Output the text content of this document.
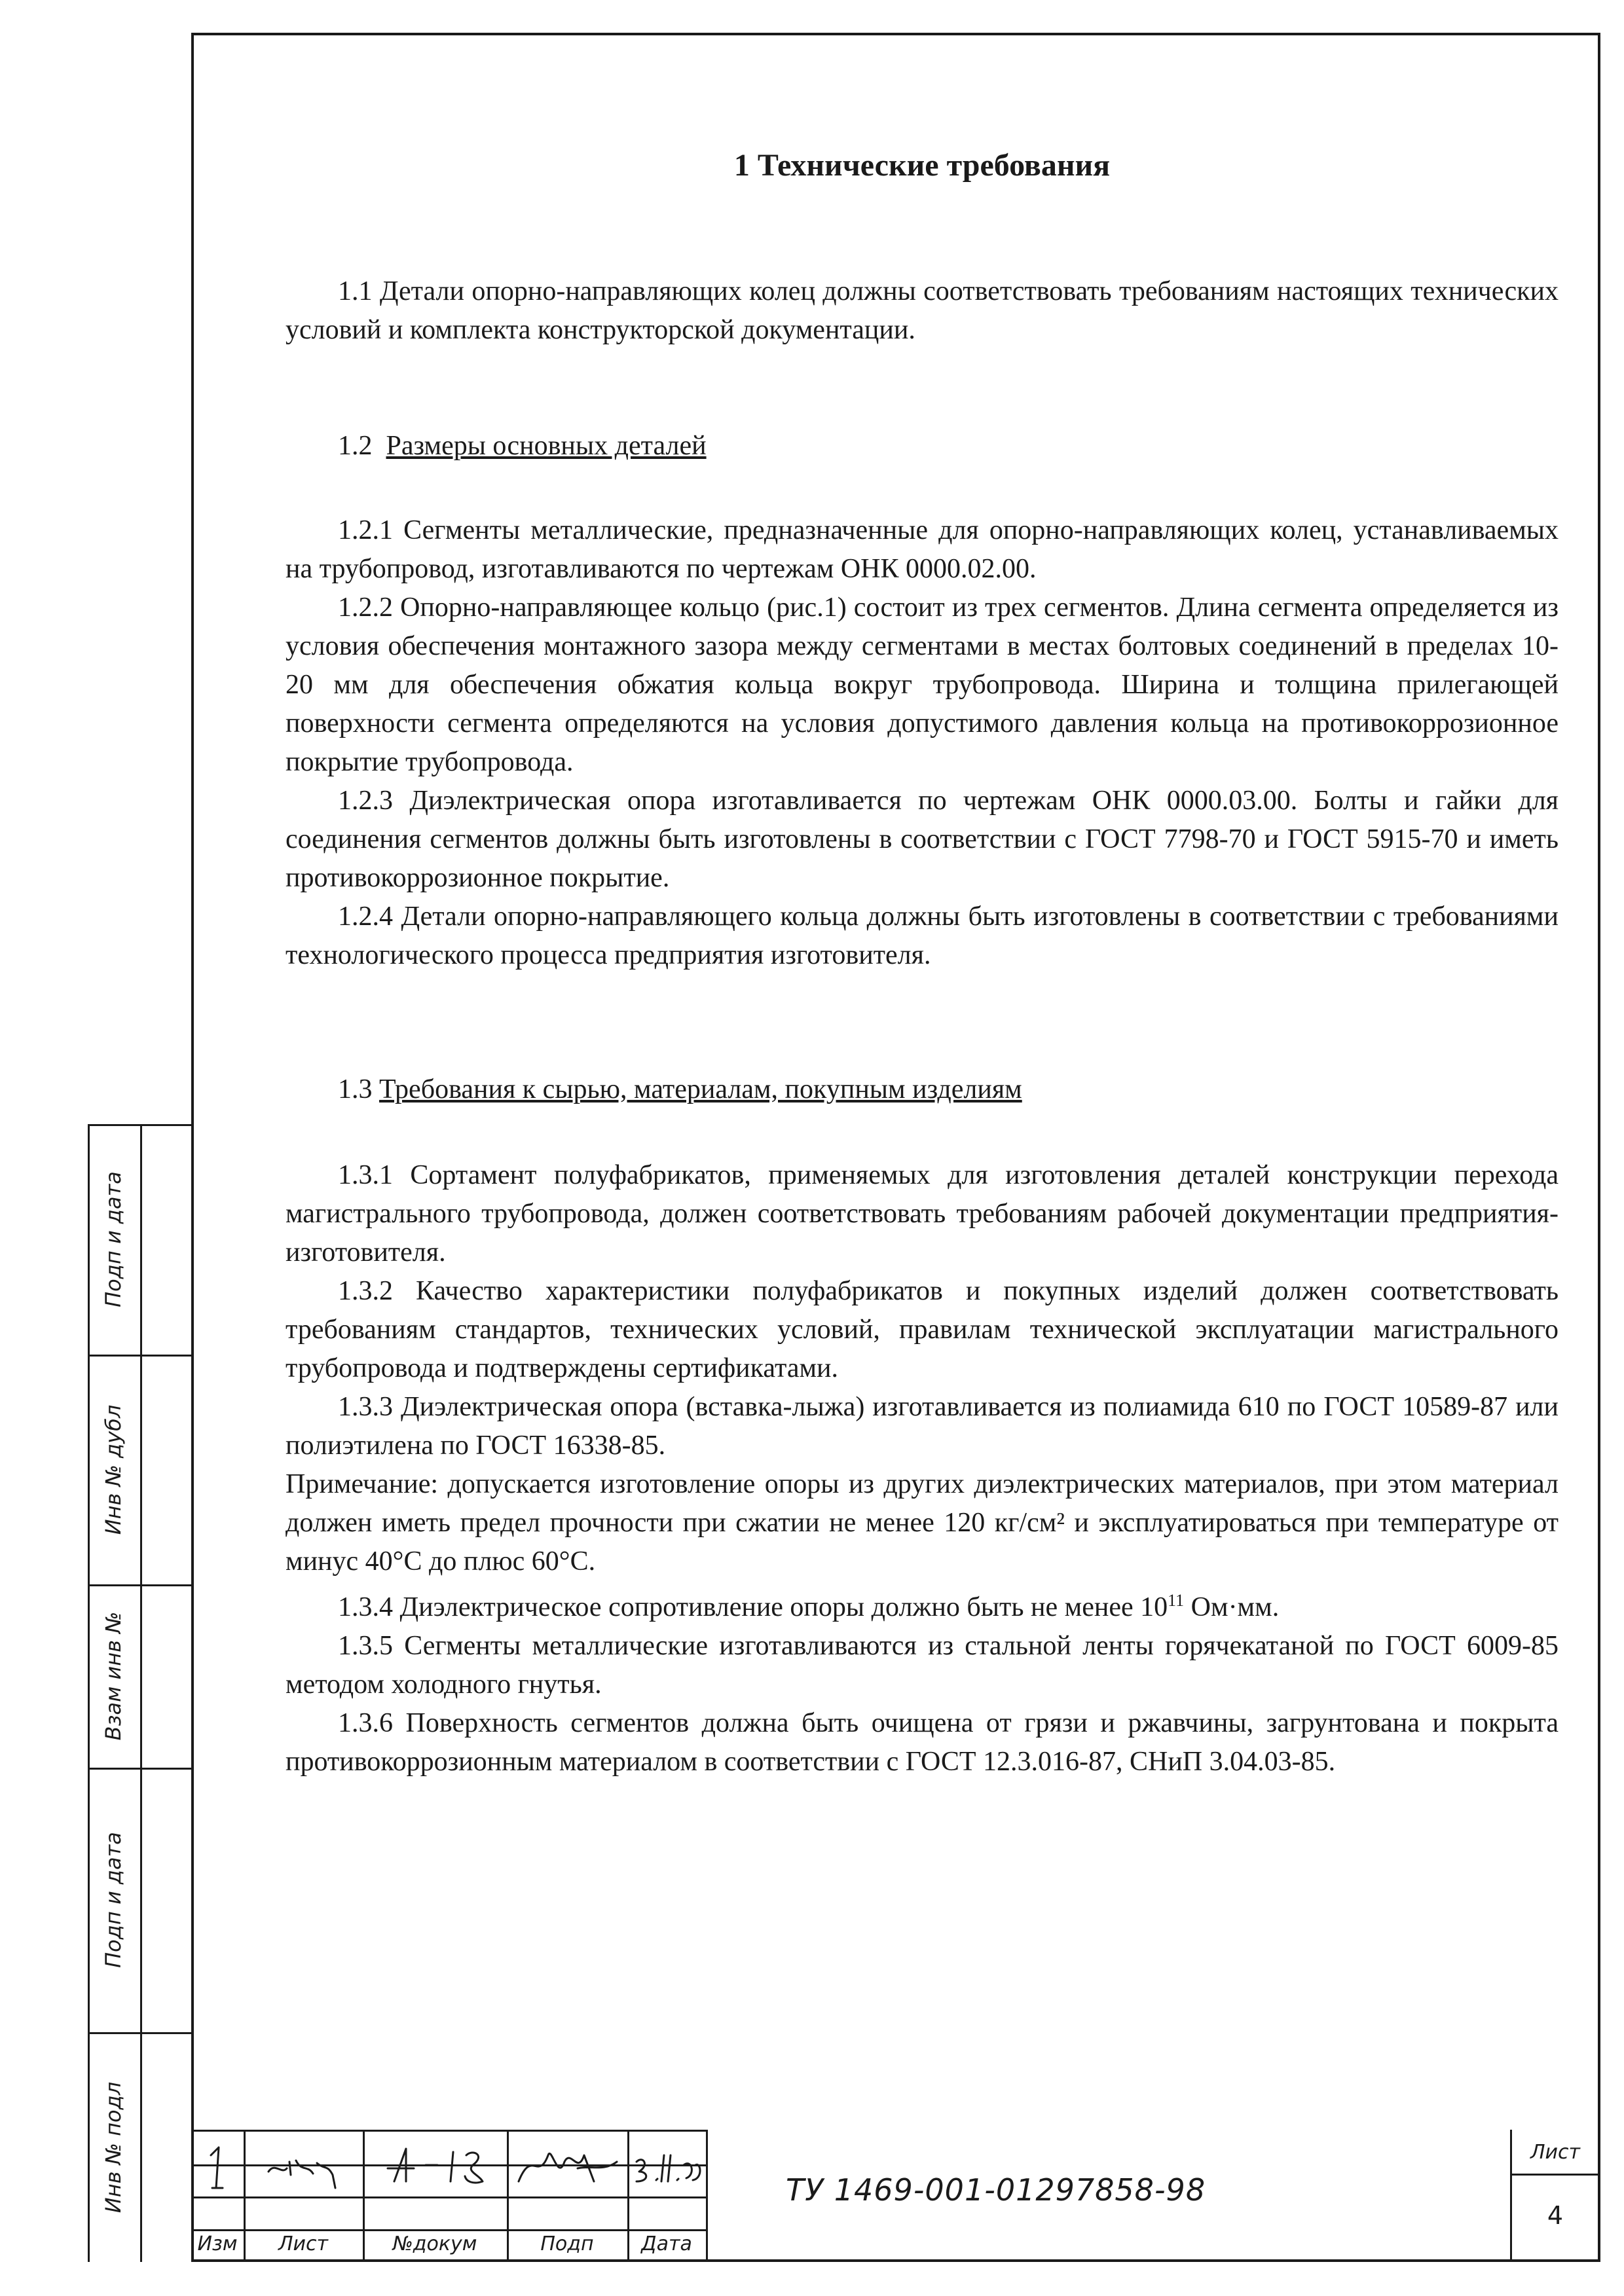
Подп и дата
Инв № дубл
Взам инв №
Подп и дата
Инв № подл
1 Технические требования

1.1 Детали опорно-направляющих колец должны соответствовать требованиям настоящих технических условий и комплекта конструкторской документации.

1.2 Размеры основных деталей

1.2.1 Сегменты металлические, предназначенные для опорно-направляющих колец, устанавливаемых на трубопровод, изготавливаются по чертежам ОНК 0000.02.00.

1.2.2 Опорно-направляющее кольцо (рис.1) состоит из трех сегментов. Длина сегмента определяется из условия обеспечения монтажного зазора между сегментами в местах болтовых соединений в пределах 10-20 мм для обеспечения обжатия кольца вокруг трубопровода. Ширина и толщина прилегающей поверхности сегмента определяются на условия допустимого давления кольца на противокоррозионное покрытие трубопровода.

1.2.3 Диэлектрическая опора изготавливается по чертежам ОНК 0000.03.00. Болты и гайки для соединения сегментов должны быть изготовлены в соответствии с ГОСТ 7798-70 и ГОСТ 5915-70 и иметь противокоррозионное покрытие.

1.2.4 Детали опорно-направляющего кольца должны быть изготовлены в соответствии с требованиями технологического процесса предприятия изготовителя.

1.3 Требования к сырью, материалам, покупным изделиям

1.3.1 Сортамент полуфабрикатов, применяемых для изготовления деталей конструкции перехода магистрального трубопровода, должен соответствовать требованиям рабочей документации предприятия-изготовителя.

1.3.2 Качество характеристики полуфабрикатов и покупных изделий должен соответствовать требованиям стандартов, технических условий, правилам технической эксплуатации магистрального трубопровода и подтверждены сертификатами.

1.3.3 Диэлектрическая опора (вставка-лыжа) изготавливается из полиамида 610 по ГОСТ 10589-87 или полиэтилена по ГОСТ 16338-85.

Примечание: допускается изготовление опоры из других диэлектрических материалов, при этом материал должен иметь предел прочности при сжатии не менее 120 кг/см² и эксплуатироваться при температуре от минус 40°С до плюс 60°С.

1.3.4 Диэлектрическое сопротивление опоры должно быть не менее $10^{11}$ Ом·мм.

1.3.5 Сегменты металлические изготавливаются из стальной ленты горячекатаной по ГОСТ 6009-85 методом холодного гнутья.

1.3.6 Поверхность сегментов должна быть очищена от грязи и ржавчины, загрунтована и покрыта противокоррозионным материалом в соответствии с ГОСТ 12.3.016-87, СНиП 3.04.03-85.

Изм	Лист	№докум	Подп	Дата
ТУ 1469-001-01297858-98
Лист
4
